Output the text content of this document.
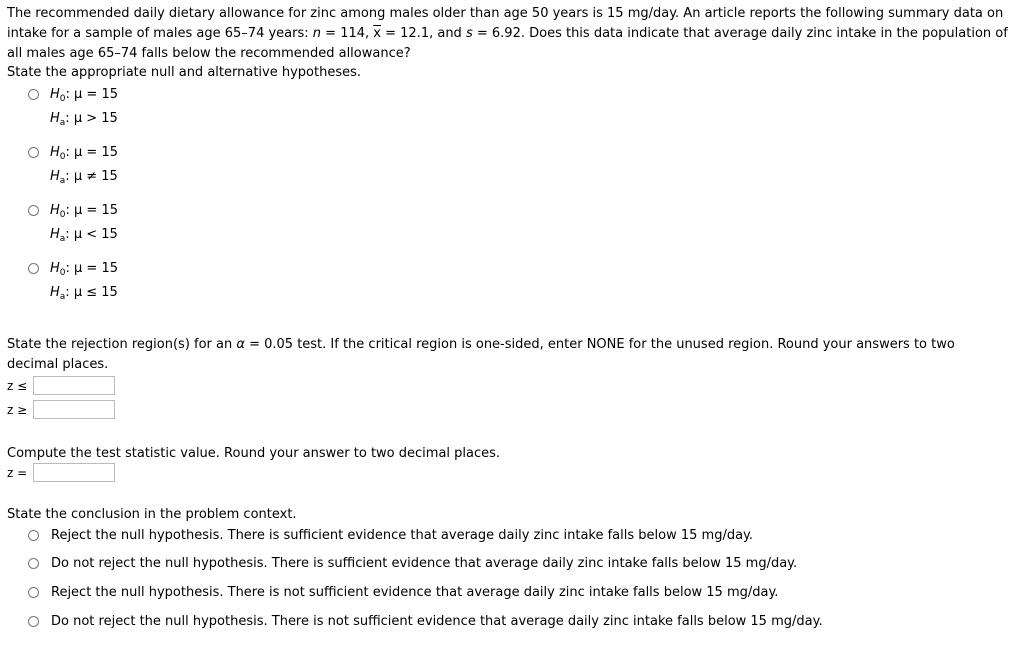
The recommended daily dietary allowance for zinc among males older than age 50 years is 15 mg/day. An article reports the following summary data on intake for a sample of males age 65–74 years: n = 114, $\overline{x} = 12.1$, and s = 6.92. Does this data indicate that average daily zinc intake in the population of all males age 65–74 falls below the recommended allowance?

State the appropriate null and alternative hypotheses.

$H_0$: μ = 15
$H_a$: μ > 15
$H_0$: μ = 15
$H_a$: μ ≠ 15
$H_0$: μ = 15
$H_a$: μ < 15
$H_0$: μ = 15
$H_a$: μ ≤ 15

State the rejection region(s) for an α = 0.05 test. If the critical region is one-sided, enter NONE for the unused region. Round your answers to two decimal places.

z ≤
z ≥

Compute the test statistic value. Round your answer to two decimal places.

z =

State the conclusion in the problem context.

Reject the null hypothesis. There is sufficient evidence that average daily zinc intake falls below 15 mg/day.
Do not reject the null hypothesis. There is sufficient evidence that average daily zinc intake falls below 15 mg/day.
Reject the null hypothesis. There is not sufficient evidence that average daily zinc intake falls below 15 mg/day.
Do not reject the null hypothesis. There is not sufficient evidence that average daily zinc intake falls below 15 mg/day.
